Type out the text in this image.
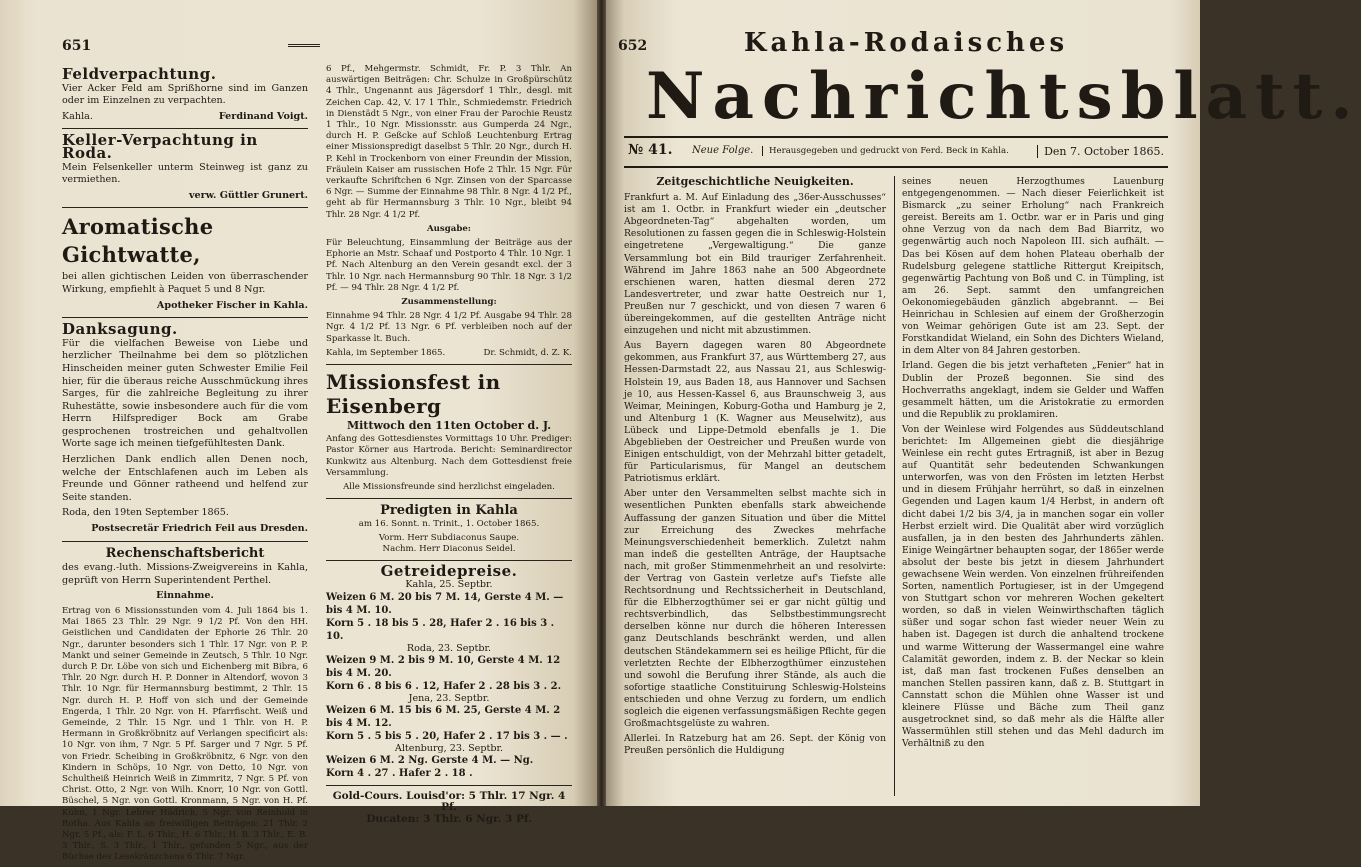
651
Feldverpachtung.

Vier Acker Feld am Sprißhorne sind im Ganzen oder im Einzelnen zu verpachten.

Kahla.	Ferdinand Voigt.
Keller-Verpachtung in Roda.

Mein Felsenkeller unterm Steinweg ist ganz zu vermiethen.

verw. Güttler Grunert.
Aromatische Gichtwatte,

bei allen gichtischen Leiden von überraschender Wirkung, empfiehlt à Paquet 5 und 8 Ngr.

Apotheker Fischer in Kahla.
Danksagung.

Für die vielfachen Beweise von Liebe und herzlicher Theilnahme bei dem so plötzlichen Hinscheiden meiner guten Schwester Emilie Feil hier, für die überaus reiche Ausschmückung ihres Sarges, für die zahlreiche Begleitung zu ihrer Ruhestätte, sowie insbesondere auch für die vom Herrn Hilfsprediger Bock am Grabe gesprochenen trostreichen und gehaltvollen Worte sage ich meinen tiefgefühltesten Dank.

Herzlichen Dank endlich allen Denen noch, welche der Entschlafenen auch im Leben als Freunde und Gönner ratheend und helfend zur Seite standen.

Roda, den 19ten September 1865.

Postsecretär Friedrich Feil aus Dresden.
Rechenschaftsbericht

des evang.-luth. Missions-Zweigvereins in Kahla, geprüft von Herrn Superintendent Perthel.

Einnahme.

Ertrag von 6 Missionsstunden vom 4. Juli 1864 bis 1. Mai 1865 23 Thlr. 29 Ngr. 9 1/2 Pf. Von den HH. Geistlichen und Candidaten der Ephorie 26 Thlr. 20 Ngr., darunter besonders sich 1 Thlr. 17 Ngr. von P. P. Mankt und seiner Gemeinde in Zeutsch, 5 Thlr. 10 Ngr. durch P. Dr. Löbe von sich und Eichenberg mit Bibra, 6 Thlr. 20 Ngr. durch H. P. Donner in Altendorf, wovon 3 Thlr. 10 Ngr. für Hermannsburg bestimmt, 2 Thlr. 15 Ngr. durch H. P. Hoff von sich und der Gemeinde Engerda, 1 Thlr. 20 Ngr. von H. Pfarrfischt. Weiß und Gemeinde, 2 Thlr. 15 Ngr. und 1 Thlr. von H. P. Hermann in Großkröbnitz auf Verlangen specificirt als: 10 Ngr. von ihm, 7 Ngr. 5 Pf. Sarger und 7 Ngr. 5 Pf. von Friedr. Scheibing in Großkröbnitz, 6 Ngr. von den Kindern in Schöps, 10 Ngr. von Detto, 10 Ngr. von Schultheiß Heinrich Weiß in Zimmritz, 7 Ngr. 5 Pf. von Christ. Otto, 2 Ngr. von Wilh. Knorr, 10 Ngr. von Gottl. Büschel, 5 Ngr. von Gottl. Kronmann, 5 Ngr. von H. Pf. Kühn, 1 Ngr. Lehrer Hädrich, 5 Ngr. von Reinhold in Rotha. Aus Kahla an freiwilligen Beiträgen: 21 Thlr. 2 Ngr. 5 Pf., als: F. L. 6 Thlr., H. 6 Thlr., H. B. 3 Thlr., E. B. 3 Thlr., S. 3 Thlr., 1 Thlr., gefunden 5 Ngr., aus der Büchse des Lesekränzchens 6 Thlr. 7 Ngr.

6 Pf., Mehgermstr. Schmidt, Fr. P. 3 Thlr. An auswärtigen Beiträgen: Chr. Schulze in Großpürschütz 4 Thlr., Ungenannt aus Jägersdorf 1 Thlr., desgl. mit Zeichen Cap. 42, V. 17 1 Thlr., Schmiedemstr. Friedrich in Dienstädt 5 Ngr., von einer Frau der Parochie Reustz 1 Thlr., 10 Ngr. Missionsstr. aus Gumperda 24 Ngr., durch H. P. Geßcke auf Schloß Leuchtenburg Ertrag einer Missionspredigt daselbst 5 Thlr. 20 Ngr., durch H. P. Kehl in Trockenborn von einer Freundin der Mission, Fräulein Kaiser am russischen Hofe 2 Thlr. 15 Ngr. Für verkaufte Schriftchen 6 Ngr. Zinsen von der Sparcasse 6 Ngr. — Summe der Einnahme 98 Thlr. 8 Ngr. 4 1/2 Pf., geht ab für Hermannsburg 3 Thlr. 10 Ngr., bleibt 94 Thlr. 28 Ngr. 4 1/2 Pf.

Ausgabe:

Für Beleuchtung, Einsammlung der Beiträge aus der Ephorie an Mstr. Schaaf und Postporto 4 Thlr. 10 Ngr. 1 Pf. Nach Altenburg an den Verein gesandt excl. der 3 Thlr. 10 Ngr. nach Hermannsburg 90 Thlr. 18 Ngr. 3 1/2 Pf. — 94 Thlr. 28 Ngr. 4 1/2 Pf.

Zusammenstellung:

Einnahme 94 Thlr. 28 Ngr. 4 1/2 Pf. Ausgabe 94 Thlr. 28 Ngr. 4 1/2 Pf. 13 Ngr. 6 Pf. verbleiben noch auf der Sparkasse lt. Buch.

Kahla, im September 1865.	Dr. Schmidt, d. Z. K.
Missionsfest in Eisenberg

Mittwoch den 11ten October d. J.

Anfang des Gottesdienstes Vormittags 10 Uhr. Prediger: Pastor Körner aus Hartroda. Bericht: Seminardirector Kunkwitz aus Altenburg. Nach dem Gottesdienst freie Versammlung.

Alle Missionsfreunde sind herzlichst eingeladen.

Predigten in Kahla

am 16. Sonnt. n. Trinit., 1. October 1865.

Vorm. Herr Subdiaconus Saupe.

Nachm. Herr Diaconus Seidel.

Getreidepreise.
Kahla, 25. Septbr.
Weizen 6 M. 20 bis 7 M. 14, Gerste 4 M. — bis 4 M. 10.
Korn 5 . 18 bis 5 . 28, Hafer 2 . 16 bis 3 . 10.
Roda, 23. Septbr.
Weizen 9 M. 2 bis 9 M. 10, Gerste 4 M. 12 bis 4 M. 20.
Korn 6 . 8 bis 6 . 12, Hafer 2 . 28 bis 3 . 2.
Jena, 23. Septbr.
Weizen 6 M. 15 bis 6 M. 25, Gerste 4 M. 2 bis 4 M. 12.
Korn 5 . 5 bis 5 . 20, Hafer 2 . 17 bis 3 . — .
Altenburg, 23. Septbr.
Weizen 6 M. 2 Ng. Gerste 4 M. — Ng.
Korn 4 . 27 . Hafer 2 . 18 .

Gold-Cours. Louisd'or: 5 Thlr. 17 Ngr. 4 Pf.

Ducaten: 3 Thlr. 6 Ngr. 3 Pf.

652	Kahla-Rodaisches
Nachrichtsblatt.
№ 41. Neue Folge.	Herausgegeben und gedruckt von Ferd. Beck in Kahla.	Den 7. October 1865.
Zeitgeschichtliche Neuigkeiten.

Frankfurt a. M. Auf Einladung des „36er-Ausschusses“ ist am 1. Octbr. in Frankfurt wieder ein „deutscher Abgeordneten-Tag“ abgehalten worden, um Resolutionen zu fassen gegen die in Schleswig-Holstein eingetretene „Vergewaltigung.“ Die ganze Versammlung bot ein Bild trauriger Zerfahrenheit. Während im Jahre 1863 nahe an 500 Abgeordnete erschienen waren, hatten diesmal deren 272 Landesvertreter, und zwar hatte Oestreich nur 1, Preußen nur 7 geschickt, und von diesen 7 waren 6 übereingekommen, auf die gestellten Anträge nicht einzugehen und nicht mit abzustimmen.

Aus Bayern dagegen waren 80 Abgeordnete gekommen, aus Frankfurt 37, aus Württemberg 27, aus Hessen-Darmstadt 22, aus Nassau 21, aus Schleswig-Holstein 19, aus Baden 18, aus Hannover und Sachsen je 10, aus Hessen-Kassel 6, aus Braunschweig 3, aus Weimar, Meiningen, Koburg-Gotha und Hamburg je 2, und Altenburg 1 (K. Wagner aus Meuselwitz), aus Lübeck und Lippe-Detmold ebenfalls je 1. Die Abgeblieben der Oestreicher und Preußen wurde von Einigen entschuldigt, von der Mehrzahl bitter getadelt, für Particularismus, für Mangel an deutschem Patriotismus erklärt.

Aber unter den Versammelten selbst machte sich in wesentlichen Punkten ebenfalls stark abweichende Auffassung der ganzen Situation und über die Mittel zur Erreichung des Zweckes mehrfache Meinungsverschiedenheit bemerklich. Zuletzt nahm man indeß die gestellten Anträge, der Hauptsache nach, mit großer Stimmenmehrheit an und resolvirte: der Vertrag von Gastein verletze auf's Tiefste alle Rechtsordnung und Rechtssicherheit in Deutschland, für die Elbherzogthümer sei er gar nicht gültig und rechtsverbindlich, das Selbstbestimmungsrecht derselben könne nur durch die höheren Interessen ganz Deutschlands beschränkt werden, und allen deutschen Ständekammern sei es heilige Pflicht, für die verletzten Rechte der Elbherzogthümer einzustehen und sowohl die Berufung ihrer Stände, als auch die sofortige staatliche Constituirung Schleswig-Holsteins entschieden und ohne Verzug zu fordern, um endlich sogleich die eigenen verfassungsmäßigen Rechte gegen Großmachtsgelüste zu wahren.

Allerlei. In Ratzeburg hat am 26. Sept. der König von Preußen persönlich die Huldigung

seines neuen Herzogthumes Lauenburg entgegengenommen. — Nach dieser Feierlichkeit ist Bismarck „zu seiner Erholung“ nach Frankreich gereist. Bereits am 1. Octbr. war er in Paris und ging ohne Verzug von da nach dem Bad Biarritz, wo gegenwärtig auch noch Napoleon III. sich aufhält. — Das bei Kösen auf dem hohen Plateau oberhalb der Rudelsburg gelegene stattliche Rittergut Kreipitsch, gegenwärtig Pachtung von Boß und C. in Tümpling, ist am 26. Sept. sammt den umfangreichen Oekonomiegebäuden gänzlich abgebrannt. — Bei Heinrichau in Schlesien auf einem der Großherzogin von Weimar gehörigen Gute ist am 23. Sept. der Forstkandidat Wieland, ein Sohn des Dichters Wieland, in dem Alter von 84 Jahren gestorben.

Irland. Gegen die bis jetzt verhafteten „Fenier“ hat in Dublin der Prozeß begonnen. Sie sind des Hochverraths angeklagt, indem sie Gelder und Waffen gesammelt hätten, um die Aristokratie zu ermorden und die Republik zu proklamiren.

Von der Weinlese wird Folgendes aus Süddeutschland berichtet: Im Allgemeinen giebt die diesjährige Weinlese ein recht gutes Ertragniß, ist aber in Bezug auf Quantität sehr bedeutenden Schwankungen unterworfen, was von den Frösten im letzten Herbst und in diesem Frühjahr herrührt, so daß in einzelnen Gegenden und Lagen kaum 1/4 Herbst, in andern oft dicht dabei 1/2 bis 3/4, ja in manchen sogar ein voller Herbst erzielt wird. Die Qualität aber wird vorzüglich ausfallen, ja in den besten des Jahrhunderts zählen. Einige Weingärtner behaupten sogar, der 1865er werde absolut der beste bis jetzt in diesem Jahrhundert gewachsene Wein werden. Von einzelnen frühreifenden Sorten, namentlich Portugieser, ist in der Umgegend von Stuttgart schon vor mehreren Wochen gekeltert worden, so daß in vielen Weinwirthschaften täglich süßer und sogar schon fast wieder neuer Wein zu haben ist. Dagegen ist durch die anhaltend trockene und warme Witterung der Wassermangel eine wahre Calamität geworden, indem z. B. der Neckar so klein ist, daß man fast trockenen Fußes denselben an manchen Stellen passiren kann, daß z. B. Stuttgart in Cannstatt schon die Mühlen ohne Wasser ist und kleinere Flüsse und Bäche zum Theil ganz ausgetrocknet sind, so daß mehr als die Hälfte aller Wassermühlen still stehen und das Mehl dadurch im Verhältniß zu den
